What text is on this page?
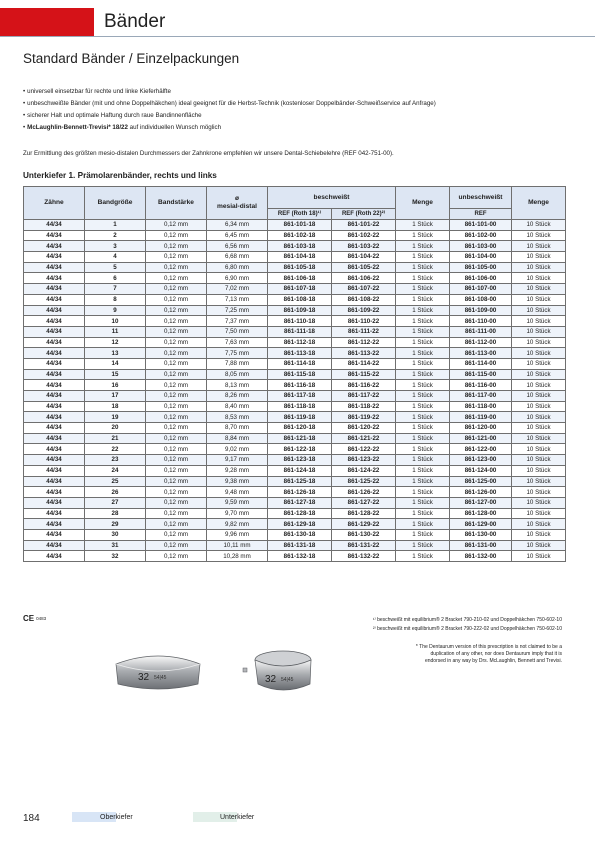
Bänder
Standard Bänder / Einzelpackungen
• universell einsetzbar für rechte und linke Kieferhälfte
• unbeschweißte Bänder (mit und ohne Doppelhäkchen) ideal geeignet für die Herbst-Technik (kostenloser Doppelbänder-Schweißservice auf Anfrage)
• sicherer Halt und optimale Haftung durch raue Bandinnenfläche
• McLaughlin-Bennett-Trevisi* 18/22 auf individuellen Wunsch möglich
Zur Ermittlung des größten mesio-distalen Durchmessers der Zahnkrone empfehlen wir unsere Dental-Schiebelehre (REF 042-751-00).
Unterkiefer 1. Prämolarenbänder, rechts und links
Zähne	Bandgröße	Bandstärke	ø
mesial-distal	beschweißt		Menge	unbeschweißt	Menge
				REF (Roth 18)¹⁾	REF (Roth 22)²⁾		REF	
44/34	1	0,12 mm	6,34 mm	861-101-18	861-101-22	1 Stück	861-101-00	10 Stück
44/34	2	0,12 mm	6,45 mm	861-102-18	861-102-22	1 Stück	861-102-00	10 Stück
44/34	3	0,12 mm	6,56 mm	861-103-18	861-103-22	1 Stück	861-103-00	10 Stück
44/34	4	0,12 mm	6,68 mm	861-104-18	861-104-22	1 Stück	861-104-00	10 Stück
44/34	5	0,12 mm	6,80 mm	861-105-18	861-105-22	1 Stück	861-105-00	10 Stück
44/34	6	0,12 mm	6,90 mm	861-106-18	861-106-22	1 Stück	861-106-00	10 Stück
44/34	7	0,12 mm	7,02 mm	861-107-18	861-107-22	1 Stück	861-107-00	10 Stück
44/34	8	0,12 mm	7,13 mm	861-108-18	861-108-22	1 Stück	861-108-00	10 Stück
44/34	9	0,12 mm	7,25 mm	861-109-18	861-109-22	1 Stück	861-109-00	10 Stück
44/34	10	0,12 mm	7,37 mm	861-110-18	861-110-22	1 Stück	861-110-00	10 Stück
44/34	11	0,12 mm	7,50 mm	861-111-18	861-111-22	1 Stück	861-111-00	10 Stück
44/34	12	0,12 mm	7,63 mm	861-112-18	861-112-22	1 Stück	861-112-00	10 Stück
44/34	13	0,12 mm	7,75 mm	861-113-18	861-113-22	1 Stück	861-113-00	10 Stück
44/34	14	0,12 mm	7,88 mm	861-114-18	861-114-22	1 Stück	861-114-00	10 Stück
44/34	15	0,12 mm	8,05 mm	861-115-18	861-115-22	1 Stück	861-115-00	10 Stück
44/34	16	0,12 mm	8,13 mm	861-116-18	861-116-22	1 Stück	861-116-00	10 Stück
44/34	17	0,12 mm	8,26 mm	861-117-18	861-117-22	1 Stück	861-117-00	10 Stück
44/34	18	0,12 mm	8,40 mm	861-118-18	861-118-22	1 Stück	861-118-00	10 Stück
44/34	19	0,12 mm	8,53 mm	861-119-18	861-119-22	1 Stück	861-119-00	10 Stück
44/34	20	0,12 mm	8,70 mm	861-120-18	861-120-22	1 Stück	861-120-00	10 Stück
44/34	21	0,12 mm	8,84 mm	861-121-18	861-121-22	1 Stück	861-121-00	10 Stück
44/34	22	0,12 mm	9,02 mm	861-122-18	861-122-22	1 Stück	861-122-00	10 Stück
44/34	23	0,12 mm	9,17 mm	861-123-18	861-123-22	1 Stück	861-123-00	10 Stück
44/34	24	0,12 mm	9,28 mm	861-124-18	861-124-22	1 Stück	861-124-00	10 Stück
44/34	25	0,12 mm	9,38 mm	861-125-18	861-125-22	1 Stück	861-125-00	10 Stück
44/34	26	0,12 mm	9,48 mm	861-126-18	861-126-22	1 Stück	861-126-00	10 Stück
44/34	27	0,12 mm	9,59 mm	861-127-18	861-127-22	1 Stück	861-127-00	10 Stück
44/34	28	0,12 mm	9,70 mm	861-128-18	861-128-22	1 Stück	861-128-00	10 Stück
44/34	29	0,12 mm	9,82 mm	861-129-18	861-129-22	1 Stück	861-129-00	10 Stück
44/34	30	0,12 mm	9,96 mm	861-130-18	861-130-22	1 Stück	861-130-00	10 Stück
44/34	31	0,12 mm	10,11 mm	861-131-18	861-131-22	1 Stück	861-131-00	10 Stück
44/34	32	0,12 mm	10,28 mm	861-132-18	861-132-22	1 Stück	861-132-00	10 Stück
CE 0483	¹⁾ beschweißt mit equilibrium® 2 Bracket 790-210-02 und Doppelhäkchen 750-602-10
²⁾ beschweißt mit equilibrium® 2 Bracket 790-222-02 und Doppelhäkchen 750-602-10
* The Dentaurum version of this prescription is not claimed to be a duplication of any other, nor does Dentaurum imply that it is endorsed in any way by Drs. McLaughlin, Bennett and Trevisi.
32 54|45	32 54|45
184	Oberkiefer	Unterkiefer
